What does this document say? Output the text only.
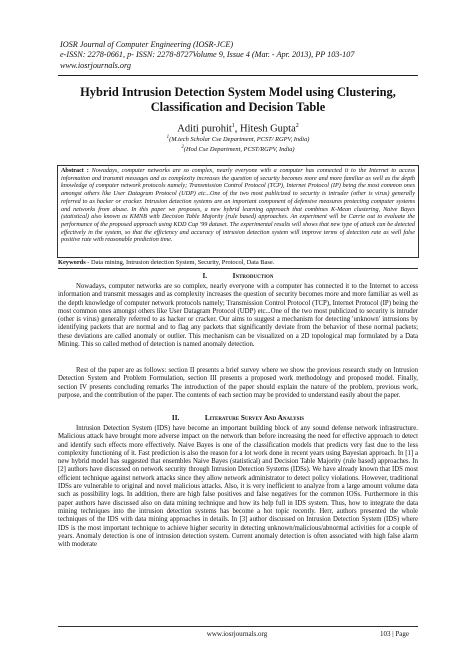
IOSR Journal of Computer Engineering (IOSR-JCE)
e-ISSN: 2278-0661, p- ISSN: 2278-8727Volume 9, Issue 4 (Mar. - Apr. 2013), PP 103-107
www.iosrjournals.org
Hybrid Intrusion Detection System Model using Clustering,
Classification and Decision Table
Aditi purohit$^1$, Hitesh Gupta$^2$
$^1$(M.tech Scholar Cse Department, PCST/ RGPV, India)
$^2$(Hod Cse Department, PCST/RGPV, India)
Abstract : Nowadays, computer networks are so complex, nearly everyone with a computer has connected it to the Internet to access information and transmit messages and as complexity increases the question of security becomes more and more familiar as well as the depth knowledge of computer network protocols namely; Transmission Control Protocol (TCP), Internet Protocol (IP) being the most common ones amongst others like User Datagram Protocol (UDP) etc...One of the two most publicized to security is intruder (other is virus) generally referred to as hacker or cracker. Intrusion detection systems are an important component of defensive measures protecting computer systems and networks from abuse. In this paper we proposes, a new hybrid learning approach that combines K-Mean clustering, Naive Bayes (statistical) also known as KMNB with Decision Table Majority (rule based) approaches. An experiment will be Carrie out to evaluate the performance of the proposed approach using KDD Cup '99 dataset. The experimental results will shows that new type of attack can be detected effectively in the system, so that the efficiency and accuracy of intrusion detection system will improve terms of detection rate as well false positive rate with reasonable prediction time.
Keywords - Data mining, Intrusion detection System, Security, Protocol, Data Base.
I.	Introduction
Nowadays, computer networks are so complex, nearly everyone with a computer has connected it to the Internet to access information and transmit messages and as complexity increases the question of security becomes more and more familiar as well as the depth knowledge of computer network protocols namely; Transmission Control Protocol (TCP), Internet Protocol (IP) being the most common ones amongst others like User Datagram Protocol (UDP) etc...One of the two most publicized to security is intruder (other is virus) generally referred to as hacker or cracker. Our aims to suggest a mechanism for detecting 'unknown' intrusions by identifying packets that are normal and to flag any packets that significantly deviate from the behavior of these normal packets; these deviations are called anomaly or outlier. This mechanism can be visualized on a 2D topological map formulated by a Data Mining. This so called method of detection is named anomaly detection.
Rest of the paper are as follows: section II presents a brief survey where we show the previous research study on Intrusion Detection System and Problem Formulation, section III presents a proposed work methodology and proposed model. Finally, section IV presents concluding remarks The introduction of the paper should explain the nature of the problem, previous work, purpose, and the contribution of the paper. The contents of each section may be provided to understand easily about the paper.
II.	Literature Survey And Analysis
Intrusion Detection System (IDS) have become an important building block of any sound defense network infrastructure. Malicious attack have brought more adverse impact on the network than before increasing the need for effective approach to detect and identify such effects more effectively. Naive Bayes is one of the classification models that predicts very fast due to the less complexity functioning of it. Fast prediction is also the reason for a lot work done in recent years using Bayesian approach. In [1] a new hybrid model has suggested that ensembles Naive Bayes (statistical) and Decision Table Majority (rule based) approaches. In [2] authors have discussed on network security through Intrusion Detection Systems (IDSs). We have already known that IDS most efficient technique against network attacks since they allow network administrator to detect policy violations. However, traditional IDSs are vulnerable to original and novel malicious attacks. Also, it is very inefficient to analyze from a large amount volume data such as possibility logs. In addition, there are high false positives and false negatives for the common IOSs. Furthermore in this paper authors have discussed also on data mining technique and how its help full in IDS system. Thus, how to integrate the data mining techniques into the intrusion detection systems has become a hot topic recently. Herr, authors presented the whole techniques of the IDS with data mining approaches in details. In [3] author discussed on Intrusion Detection System (IDS) where IDS is the most important technique to achieve higher security in detecting unknown/malicious/abnormal activities for a couple of years. Anomaly detection is one of intrusion detection system. Current anomaly detection is often associated with high false alarm with moderate
www.iosrjournals.org	103 | Page
